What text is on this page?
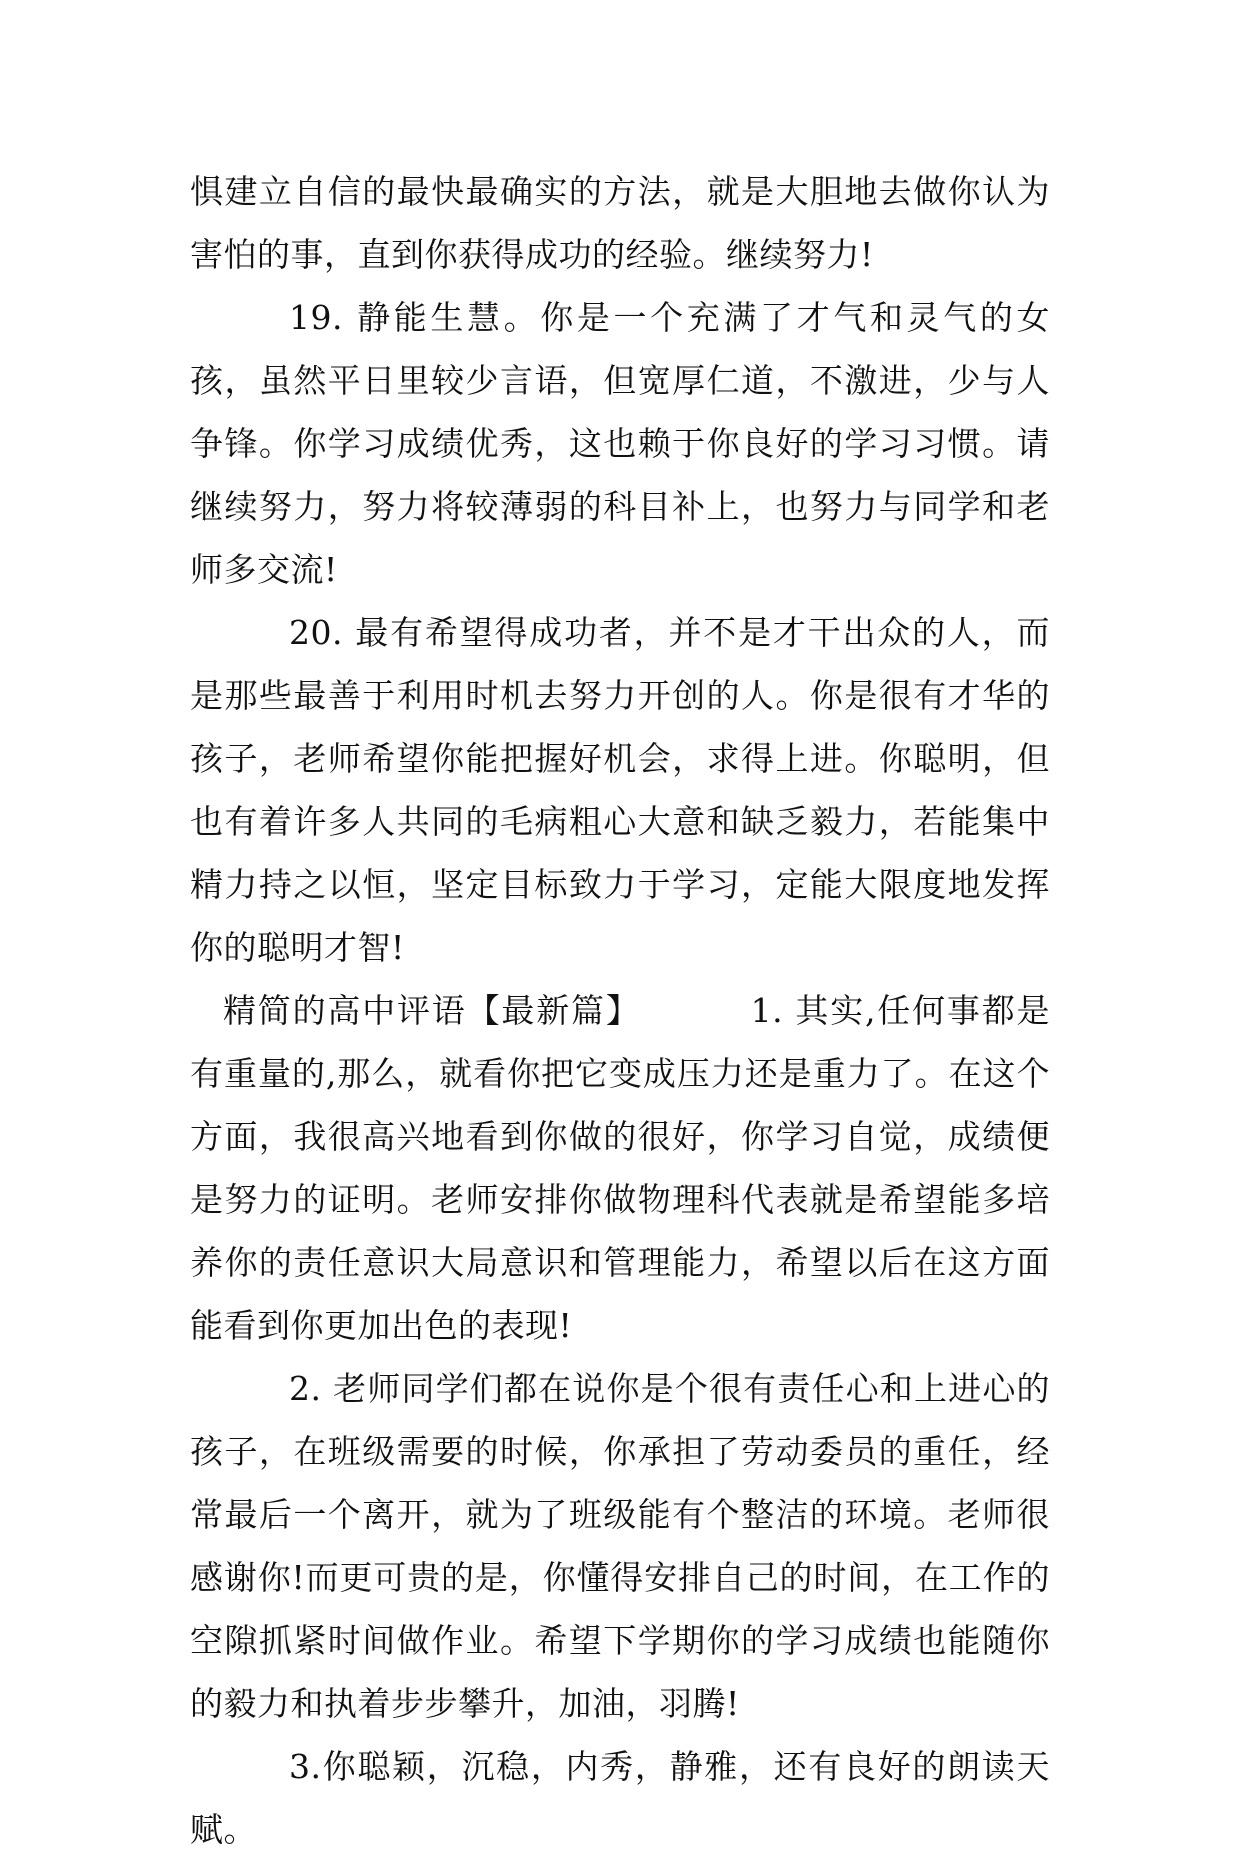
惧建立自信的最快最确实的方法，就是大胆地去做你认为害怕的事，直到你获得成功的经验。继续努力!

19. 静能生慧。你是一个充满了才气和灵气的女孩，虽然平日里较少言语，但宽厚仁道，不激进，少与人争锋。你学习成绩优秀，这也赖于你良好的学习习惯。请继续努力，努力将较薄弱的科目补上，也努力与同学和老师多交流!

20. 最有希望得成功者，并不是才干出众的人，而是那些最善于利用时机去努力开创的人。你是很有才华的孩子，老师希望你能把握好机会，求得上进。你聪明，但也有着许多人共同的毛病粗心大意和缺乏毅力，若能集中精力持之以恒，坚定目标致力于学习，定能大限度地发挥你的聪明才智!

精简的高中评语【最新篇】	1. 其实,任何事都是有重量的,那么，就看你把它变成压力还是重力了。在这个方面，我很高兴地看到你做的很好，你学习自觉，成绩便是努力的证明。老师安排你做物理科代表就是希望能多培养你的责任意识大局意识和管理能力，希望以后在这方面能看到你更加出色的表现!

2. 老师同学们都在说你是个很有责任心和上进心的孩子，在班级需要的时候，你承担了劳动委员的重任，经常最后一个离开，就为了班级能有个整洁的环境。老师很感谢你!而更可贵的是，你懂得安排自己的时间，在工作的空隙抓紧时间做作业。希望下学期你的学习成绩也能随你的毅力和执着步步攀升，加油，羽腾!

3.你聪颖，沉稳，内秀，静雅，还有良好的朗读天赋。
